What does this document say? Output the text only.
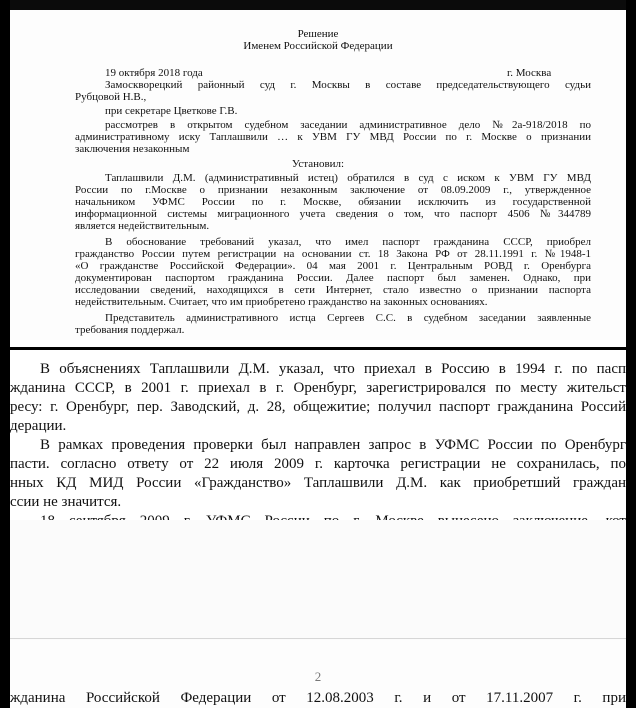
Решение
Именем Российской Федерации
19 октября 2018 года	г. Москва
Замоскворецкий районный суд г. Москвы в составе председательствующего судьи
Рубцовой Н.В.,
при секретаре Цветкове Г.В.
рассмотрев в открытом судебном заседании административное дело №2а-918/2018 по
административному иску Таплашвили … к УВМ ГУ МВД России по г. Москве о признании
заключения незаконным
Установил:
Таплашвили Д.М. (административный истец) обратился в суд с иском к УВМ ГУ МВД
России по г.Москве о признании незаконным заключение от 08.09.2009 г., утвержденное
начальником УФМС России по г. Москве, обязании исключить из государственной
информационной системы миграционного учета сведения о том, что паспорт 4506 №344789
является недействительным.
В обоснование требований указал, что имел паспорт гражданина СССР, приобрел
гражданство России путем регистрации на основании ст. 18 Закона РФ от 28.11.1991 г. №1948-1
«О гражданстве Российской Федерации». 04 мая 2001 г. Центральным РОВД г. Оренбурга
документирован паспортом гражданина России. Далее паспорт был заменен. Однако, при
исследовании сведений, находящихся в сети Интернет, стало известно о признании паспорта
недействительным. Считает, что им приобретено гражданство на законных основаниях.
Представитель административного истца Сергеев С.С. в судебном заседании заявленные
требования поддержал.
В объяснениях Таплашвили Д.М. указал, что приехал в Россию в 1994 г. по пасп
жданина СССР, в 2001 г. приехал в г. Оренбург, зарегистрировался по месту жительст
ресу: г. Оренбург, пер. Заводский, д. 28, общежитие; получил паспорт гражданина Россий
дерации.
В рамках проведения проверки был направлен запрос в УФМС России по Оренбург
пасти. согласно ответу от 22 июля 2009 г. карточка регистрации не сохранилась, по
нных КД МИД России «Гражданство» Таплашвили Д.М. как приобретший граждан
ссии не значится.
2
жданина Российской Федерации от 12.08.2003 г. и от 17.11.2007 г. при
